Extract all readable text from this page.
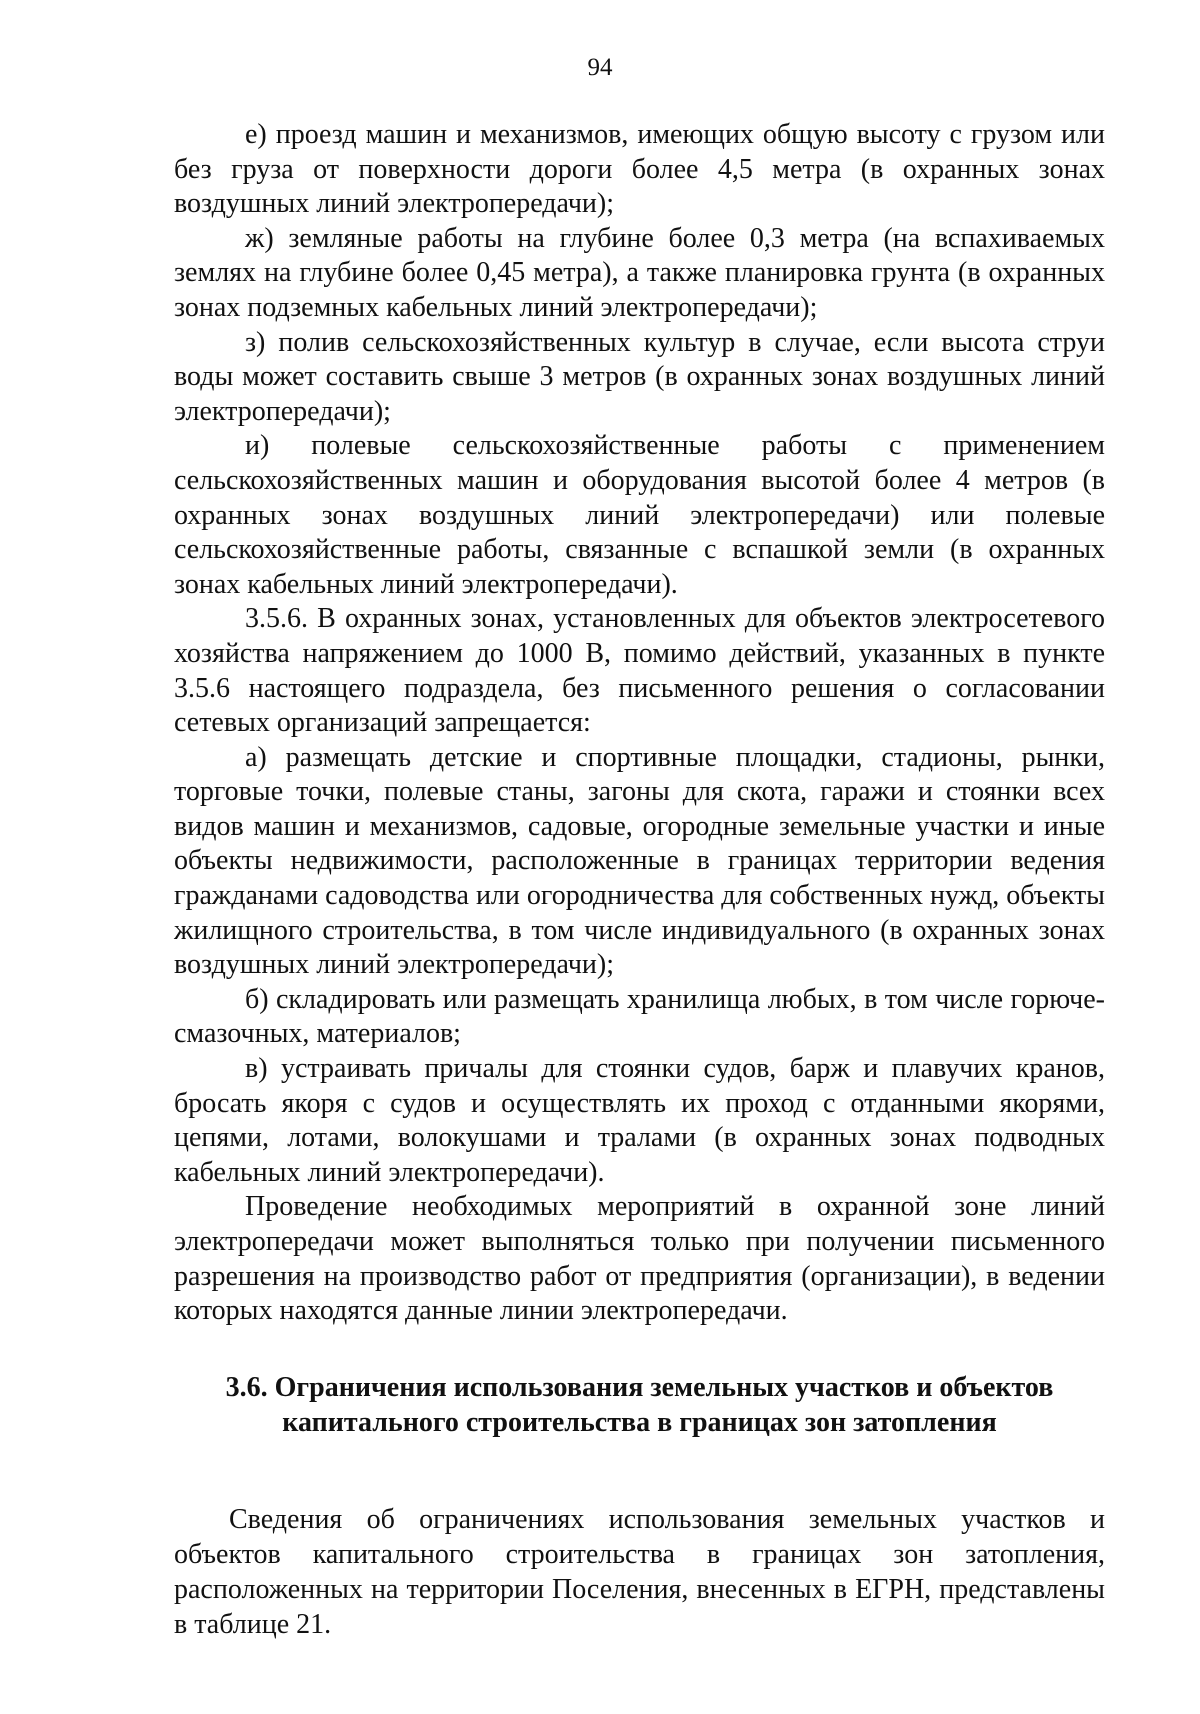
94

е) проезд машин и механизмов, имеющих общую высоту с грузом или без груза от поверхности дороги более 4,5 метра (в охранных зонах воздушных линий электропередачи);

ж) земляные работы на глубине более 0,3 метра (на вспахиваемых землях на глубине более 0,45 метра), а также планировка грунта (в охранных зонах подземных кабельных линий электропередачи);

з) полив сельскохозяйственных культур в случае, если высота струи воды может составить свыше 3 метров (в охранных зонах воздушных линий электропередачи);

и) полевые сельскохозяйственные работы с применением сельскохозяйственных машин и оборудования высотой более 4 метров (в охранных зонах воздушных линий электропередачи) или полевые сельскохозяйственные работы, связанные с вспашкой земли (в охранных зонах кабельных линий электропередачи).

3.5.6. В охранных зонах, установленных для объектов электросетевого хозяйства напряжением до 1000 В, помимо действий, указанных в пункте 3.5.6 настоящего подраздела, без письменного решения о согласовании сетевых организаций запрещается:

а) размещать детские и спортивные площадки, стадионы, рынки, торговые точки, полевые станы, загоны для скота, гаражи и стоянки всех видов машин и механизмов, садовые, огородные земельные участки и иные объекты недвижимости, расположенные в границах территории ведения гражданами садоводства или огородничества для собственных нужд, объекты жилищного строительства, в том числе индивидуального (в охранных зонах воздушных линий электропередачи);

б) складировать или размещать хранилища любых, в том числе горюче-смазочных, материалов;

в) устраивать причалы для стоянки судов, барж и плавучих кранов, бросать якоря с судов и осуществлять их проход с отданными якорями, цепями, лотами, волокушами и тралами (в охранных зонах подводных кабельных линий электропередачи).

Проведение необходимых мероприятий в охранной зоне линий электропередачи может выполняться только при получении письменного разрешения на производство работ от предприятия (организации), в ведении которых находятся данные линии электропередачи.

3.6. Ограничения использования земельных участков и объектов
капитального строительства в границах зон затопления

Сведения об ограничениях использования земельных участков и объектов капитального строительства в границах зон затопления, расположенных на территории Поселения, внесенных в ЕГРН, представлены в таблице 21.
